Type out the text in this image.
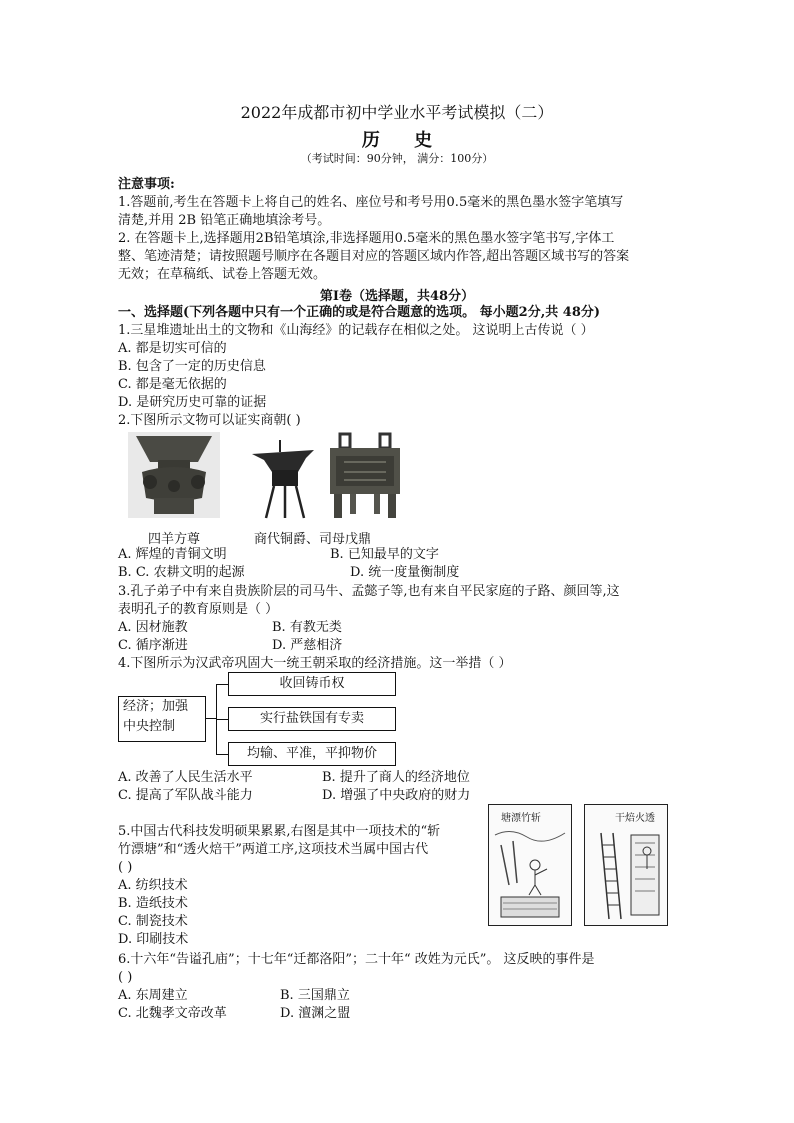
2022年成都市初中学业水平考试模拟（二）
历 史
（考试时间：90分钟， 满分：100分）
注意事项:
1.答题前,考生在答题卡上将自己的姓名、座位号和考号用0.5毫米的黑色墨水签字笔填写
清楚,并用 2B 铅笔正确地填涂考号。
2. 在答题卡上,选择题用2B铅笔填涂,非选择题用0.5毫米的黑色墨水签字笔书写,字体工
整、笔迹清楚；请按照题号顺序在各题目对应的答题区域内作答,超出答题区域书写的答案
无效；在草稿纸、试卷上答题无效。
第Ⅰ卷（选择题，共48分）
一、选择题(下列各题中只有一个正确的或是符合题意的选项。 每小题2分,共 48分)
1.三星堆遗址出土的文物和《山海经》的记载存在相似之处。 这说明上古传说（ ）
A. 都是切实可信的
B. 包含了一定的历史信息
C. 都是毫无依据的
D. 是研究历史可靠的证据
2.下图所示文物可以证实商朝( )
四羊方尊	商代铜爵、司母戊鼎
A. 辉煌的青铜文明	B. 已知最早的文字
B. C. 农耕文明的起源	D. 统一度量衡制度
3.孔子弟子中有来自贵族阶层的司马牛、孟懿子等,也有来自平民家庭的子路、颜回等,这
表明孔子的教育原则是（ ）
A. 因材施教	B. 有教无类
C. 循序渐进	D. 严慈相济
4.下图所示为汉武帝巩固大一统王朝采取的经济措施。这一举措（ ）
经济；加强
中央控制
收回铸币权
实行盐铁国有专卖
均输、平准，平抑物价
A. 改善了人民生活水平	B. 提升了商人的经济地位
C. 提高了军队战斗能力	D. 增强了中央政府的财力
5.中国古代科技发明硕果累累,右图是其中一项技术的“斩
竹漂塘”和“透火焙干”两道工序,这项技术当属中国古代
( )
A. 纺织技术
B. 造纸技术
C. 制瓷技术
D. 印刷技术
塘漂竹斩	干焙火透
6.十六年“告谥孔庙”；十七年“迁都洛阳”；二十年“ 改姓为元氏”。 这反映的事件是
( )
A. 东周建立	B. 三国鼎立
C. 北魏孝文帝改革	D. 澶渊之盟
